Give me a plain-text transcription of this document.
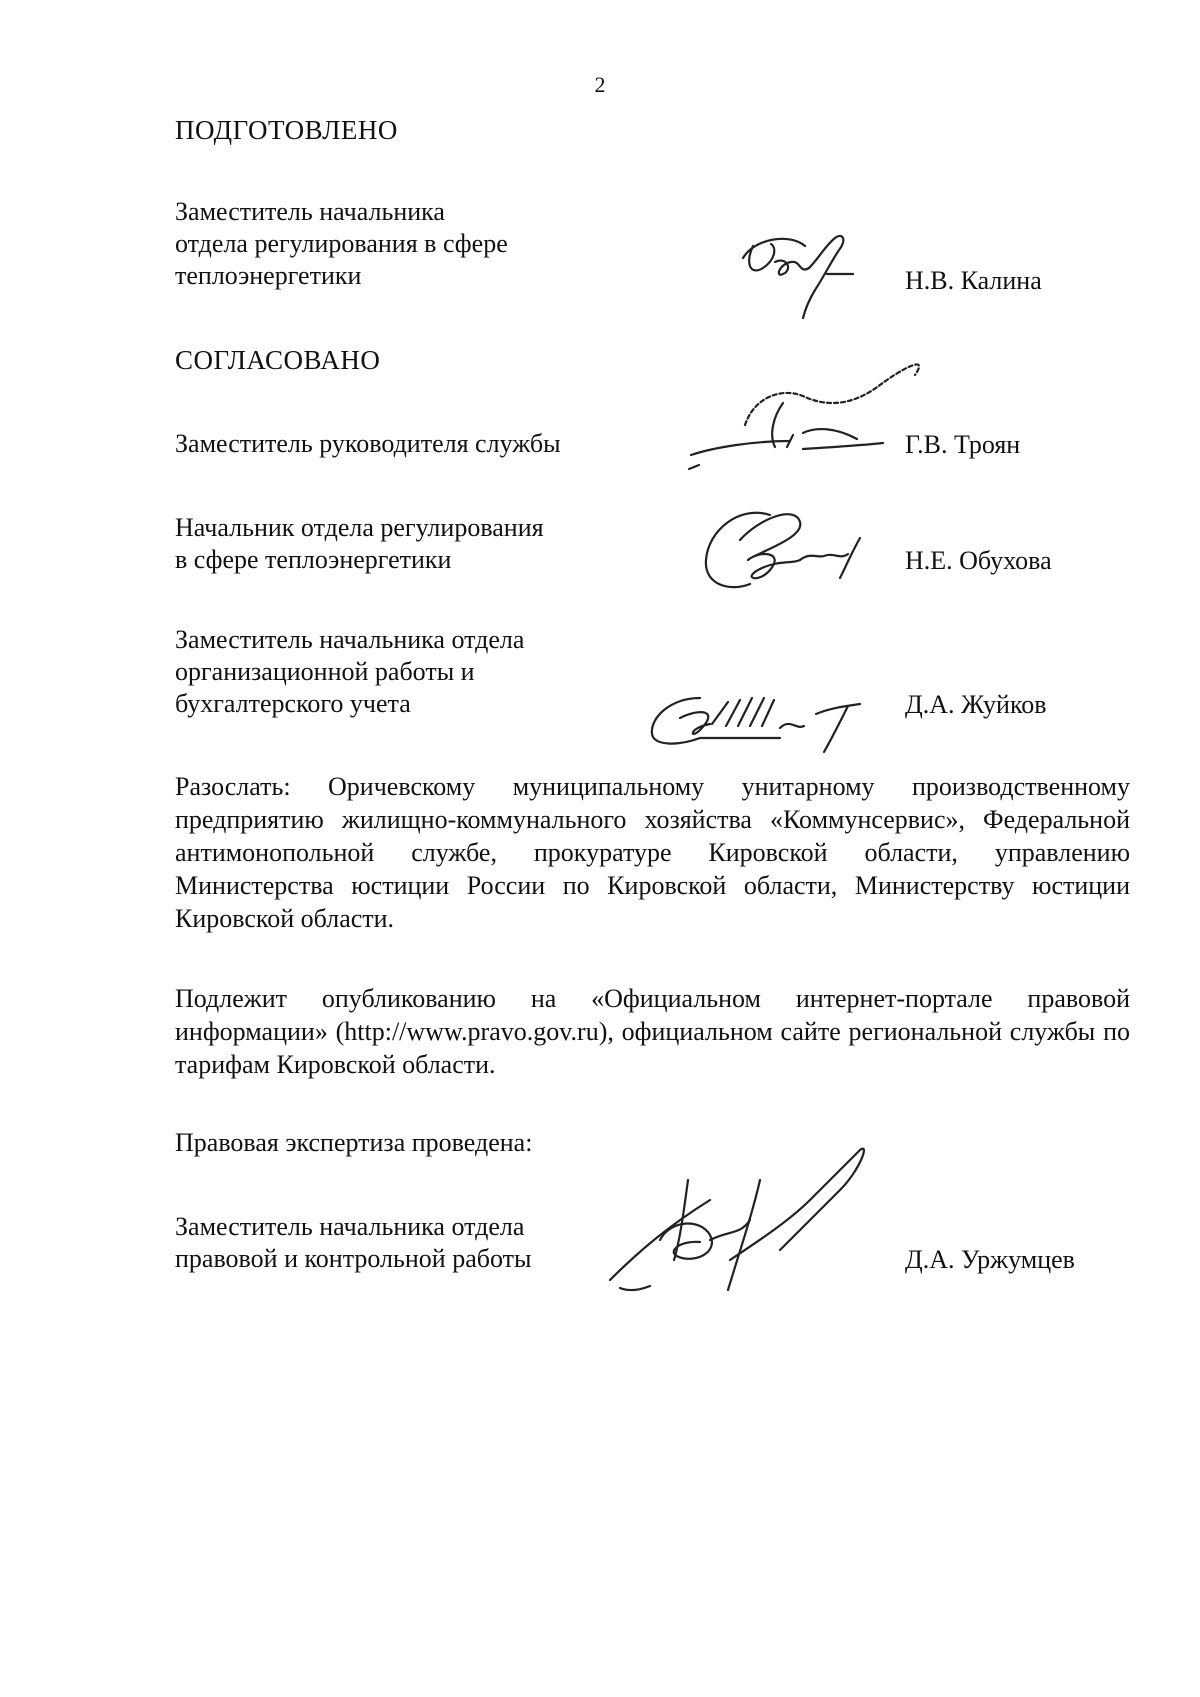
2
ПОДГОТОВЛЕНО
Заместитель начальника
отдела регулирования в сфере
теплоэнергетики	Н.В. Калина
СОГЛАСОВАНО
Заместитель руководителя службы	Г.В. Троян
Начальник отдела регулирования
в сфере теплоэнергетики	Н.Е. Обухова
Заместитель начальника отдела
организационной работы и
бухгалтерского учета	Д.А. Жуйков
Разослать: Оричевскому муниципальному унитарному производственному предприятию жилищно-коммунального хозяйства «Коммунсервис», Федеральной антимонопольной службе, прокуратуре Кировской области, управлению Министерства юстиции России по Кировской области, Министерству юстиции Кировской области.
Подлежит опубликованию на «Официальном интернет-портале правовой информации» (http://www.pravo.gov.ru), официальном сайте региональной службы по тарифам Кировской области.
Правовая экспертиза проведена:
Заместитель начальника отдела
правовой и контрольной работы	Д.А. Уржумцев
